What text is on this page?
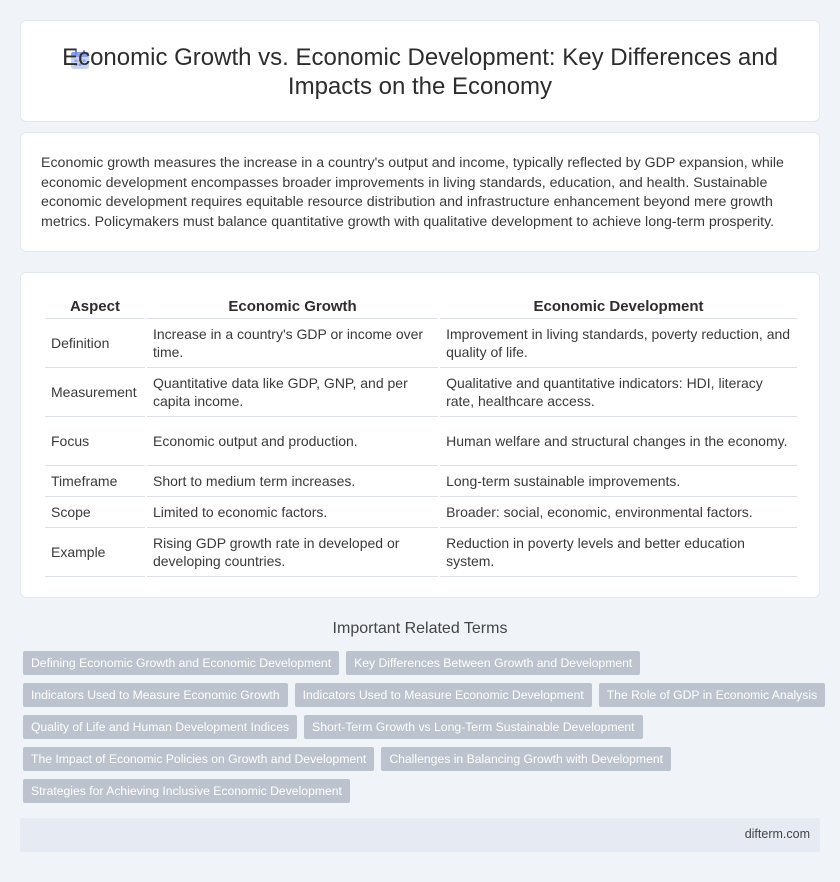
Economic Growth vs. Economic Development: Key Differences and Impacts on the Economy

Economic growth measures the increase in a country's output and income, typically reflected by GDP expansion, while economic development encompasses broader improvements in living standards, education, and health. Sustainable economic development requires equitable resource distribution and infrastructure enhancement beyond mere growth metrics. Policymakers must balance quantitative growth with qualitative development to achieve long-term prosperity.

Aspect	Economic Growth	Economic Development
Definition	Increase in a country's GDP or income over time.	Improvement in living standards, poverty reduction, and quality of life.
Measurement	Quantitative data like GDP, GNP, and per capita income.	Qualitative and quantitative indicators: HDI, literacy rate, healthcare access.
Focus	Economic output and production.	Human welfare and structural changes in the economy.
Timeframe	Short to medium term increases.	Long-term sustainable improvements.
Scope	Limited to economic factors.	Broader: social, economic, environmental factors.
Example	Rising GDP growth rate in developed or developing countries.	Reduction in poverty levels and better education system.
Important Related Terms
Defining Economic Growth and Economic Development	Key Differences Between Growth and Development
Indicators Used to Measure Economic Growth	Indicators Used to Measure Economic Development	The Role of GDP in Economic Analysis
Quality of Life and Human Development Indices	Short-Term Growth vs Long-Term Sustainable Development
The Impact of Economic Policies on Growth and Development	Challenges in Balancing Growth with Development
Strategies for Achieving Inclusive Economic Development
difterm.com
